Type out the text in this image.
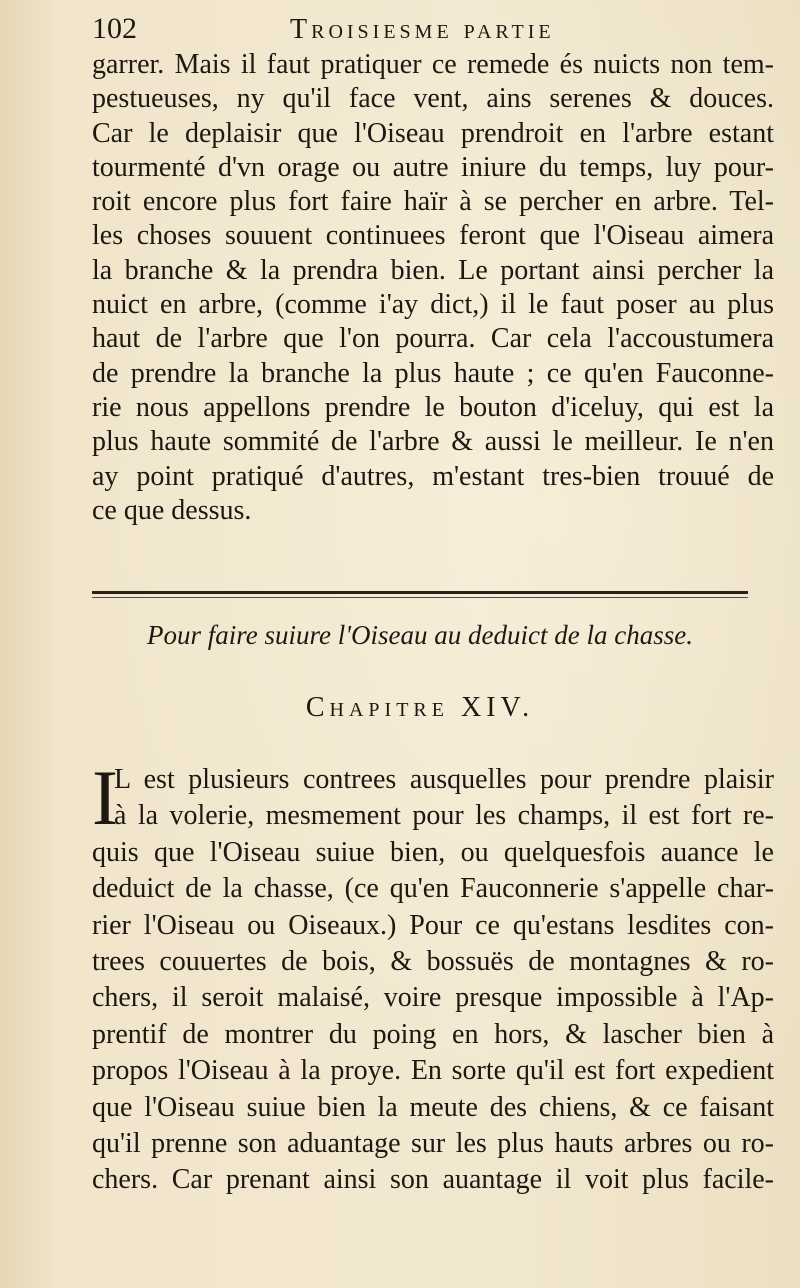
102	Troisiesme partie
garrer. Mais il faut pratiquer ce remede és nuicts non tem-
pestueuses, ny qu'il face vent, ains serenes & douces.
Car le deplaisir que l'Oiseau prendroit en l'arbre estant
tourmenté d'vn orage ou autre iniure du temps, luy pour-
roit encore plus fort faire haïr à se percher en arbre. Tel-
les choses souuent continuees feront que l'Oiseau aimera
la branche & la prendra bien. Le portant ainsi percher la
nuict en arbre, (comme i'ay dict,) il le faut poser au plus
haut de l'arbre que l'on pourra. Car cela l'accoustumera
de prendre la branche la plus haute ; ce qu'en Fauconne-
rie nous appellons prendre le bouton d'iceluy, qui est la
plus haute sommité de l'arbre & aussi le meilleur. Ie n'en
ay point pratiqué d'autres, m'estant tres-bien trouué de
ce que dessus.
Pour faire suiure l'Oiseau au deduict de la chasse.
Chapitre XIV.
I
L est plusieurs contrees ausquelles pour prendre plaisir
à la volerie, mesmement pour les champs, il est fort re-
quis que l'Oiseau suiue bien, ou quelquesfois auance le
deduict de la chasse, (ce qu'en Fauconnerie s'appelle char-
rier l'Oiseau ou Oiseaux.) Pour ce qu'estans lesdites con-
trees couuertes de bois, & bossuës de montagnes & ro-
chers, il seroit malaisé, voire presque impossible à l'Ap-
prentif de montrer du poing en hors, & lascher bien à
propos l'Oiseau à la proye. En sorte qu'il est fort expedient
que l'Oiseau suiue bien la meute des chiens, & ce faisant
qu'il prenne son aduantage sur les plus hauts arbres ou ro-
chers. Car prenant ainsi son auantage il voit plus facile-
